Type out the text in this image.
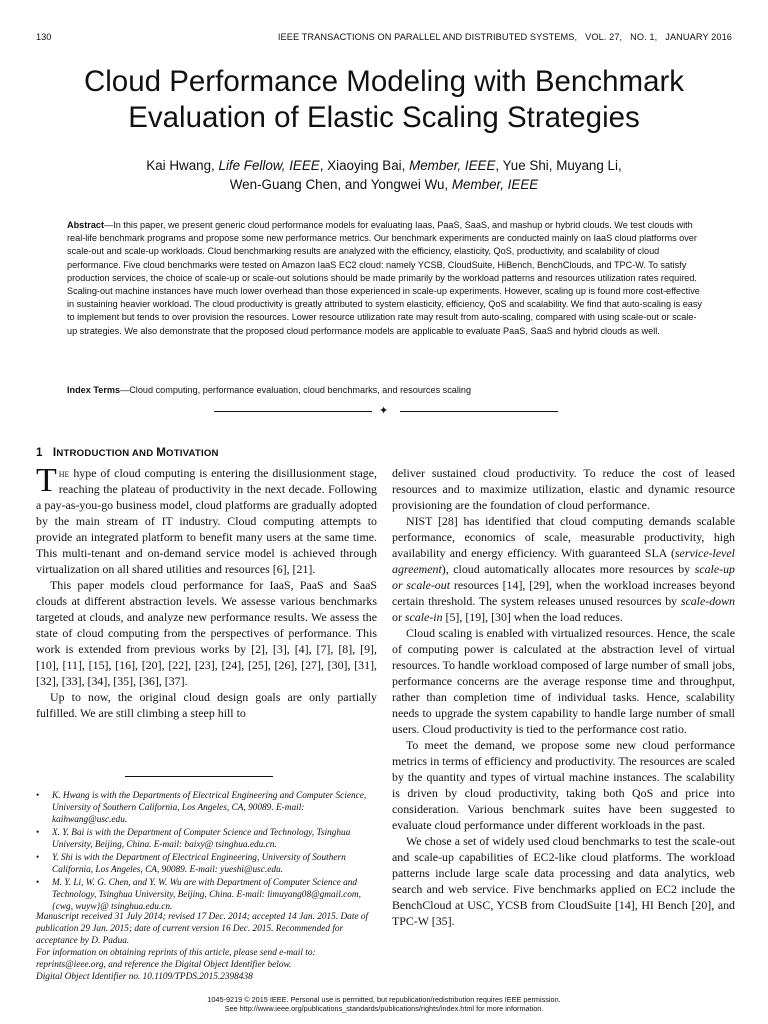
130	IEEE TRANSACTIONS ON PARALLEL AND DISTRIBUTED SYSTEMS,   VOL. 27,   NO. 1,   JANUARY 2016
Cloud Performance Modeling with Benchmark
Evaluation of Elastic Scaling Strategies
Kai Hwang, Life Fellow, IEEE, Xiaoying Bai, Member, IEEE, Yue Shi, Muyang Li,
Wen-Guang Chen, and Yongwei Wu, Member, IEEE
Abstract—In this paper, we present generic cloud performance models for evaluating Iaas, PaaS, SaaS, and mashup or hybrid clouds. We test clouds with real-life benchmark programs and propose some new performance metrics. Our benchmark experiments are conducted mainly on IaaS cloud platforms over scale-out and scale-up workloads. Cloud benchmarking results are analyzed with the efficiency, elasticity, QoS, productivity, and scalability of cloud performance. Five cloud benchmarks were tested on Amazon IaaS EC2 cloud: namely YCSB, CloudSuite, HiBench, BenchClouds, and TPC-W. To satisfy production services, the choice of scale-up or scale-out solutions should be made primarily by the workload patterns and resources utilization rates required. Scaling-out machine instances have much lower overhead than those experienced in scale-up experiments. However, scaling up is found more cost-effective in sustaining heavier workload. The cloud productivity is greatly attributed to system elasticity, efficiency, QoS and scalability. We find that auto-scaling is easy to implement but tends to over provision the resources. Lower resource utilization rate may result from auto-scaling, compared with using scale-out or scale-up strategies. We also demonstrate that the proposed cloud performance models are applicable to evaluate PaaS, SaaS and hybrid clouds as well.
Index Terms—Cloud computing, performance evaluation, cloud benchmarks, and resources scaling
✦
1 INTRODUCTION AND MOTIVATION

The hype of cloud computing is entering the disillusionment stage, reaching the plateau of productivity in the next decade. Following a pay-as-you-go business model, cloud platforms are gradually adopted by the main stream of IT industry. Cloud computing attempts to provide an integrated platform to benefit many users at the same time. This multi-tenant and on-demand service model is achieved through virtualization on all shared utilities and resources [6], [21].

This paper models cloud performance for IaaS, PaaS and SaaS clouds at different abstraction levels. We assesse various benchmarks targeted at clouds, and analyze new performance results. We assess the state of cloud computing from the perspectives of performance. This work is extended from previous works by [2], [3], [4], [7], [8], [9], [10], [11], [15], [16], [20], [22], [23], [24], [25], [26], [27], [30], [31], [32], [33], [34], [35], [36], [37].

Up to now, the original cloud design goals are only partially fulfilled. We are still climbing a steep hill to

• K. Hwang is with the Departments of Electrical Engineering and Computer Science, University of Southern California, Los Angeles, CA, 90089. E-mail: kaihwang@usc.edu.
• X. Y. Bai is with the Department of Computer Science and Technology, Tsinghua University, Beijing, China. E-mail: baixy@ tsinghua.edu.cn.
• Y. Shi is with the Department of Electrical Engineering, University of Southern California, Los Angeles, CA, 90089. E-mail: yueshi@usc.edu.
• M. Y. Li, W. G. Chen, and Y. W. Wu are with Department of Computer Science and Technology, Tsinghua University, Beijing, China. E-mail: limuyang08@gmail.com, {cwg, wuyw}@ tsinghua.edu.cn.

Manuscript received 31 July 2014; revised 17 Dec. 2014; accepted 14 Jan. 2015. Date of publication 29 Jan. 2015; date of current version 16 Dec. 2015. Recommended for acceptance by D. Padua.

For information on obtaining reprints of this article, please send e-mail to: reprints@ieee.org, and reference the Digital Object Identifier below.

Digital Object Identifier no. 10.1109/TPDS.2015.2398438

deliver sustained cloud productivity. To reduce the cost of leased resources and to maximize utilization, elastic and dynamic resource provisioning are the foundation of cloud performance.

NIST [28] has identified that cloud computing demands scalable performance, economics of scale, measurable productivity, high availability and energy efficiency. With guaranteed SLA (service-level agreement), cloud automatically allocates more resources by scale-up or scale-out resources [14], [29], when the workload increases beyond certain threshold. The system releases unused resources by scale-down or scale-in [5], [19], [30] when the load reduces.

Cloud scaling is enabled with virtualized resources. Hence, the scale of computing power is calculated at the abstraction level of virtual resources. To handle workload composed of large number of small jobs, performance concerns are the average response time and throughput, rather than completion time of individual tasks. Hence, scalability needs to upgrade the system capability to handle large number of small users. Cloud productivity is tied to the performance cost ratio.

To meet the demand, we propose some new cloud performance metrics in terms of efficiency and productivity. The resources are scaled by the quantity and types of virtual machine instances. The scalability is driven by cloud productivity, taking both QoS and price into consideration. Various benchmark suites have been suggested to evaluate cloud performance under different workloads in the past.

We chose a set of widely used cloud benchmarks to test the scale-out and scale-up capabilities of EC2-like cloud platforms. The workload patterns include large scale data processing and data analytics, web search and web service. Five benchmarks applied on EC2 include the BenchCloud at USC, YCSB from CloudSuite [14], HI Bench [20], and TPC-W [35].

1045-9219 © 2015 IEEE. Personal use is permitted, but republication/redistribution requires IEEE permission.
See http://www.ieee.org/publications_standards/publications/rights/index.html for more information.
